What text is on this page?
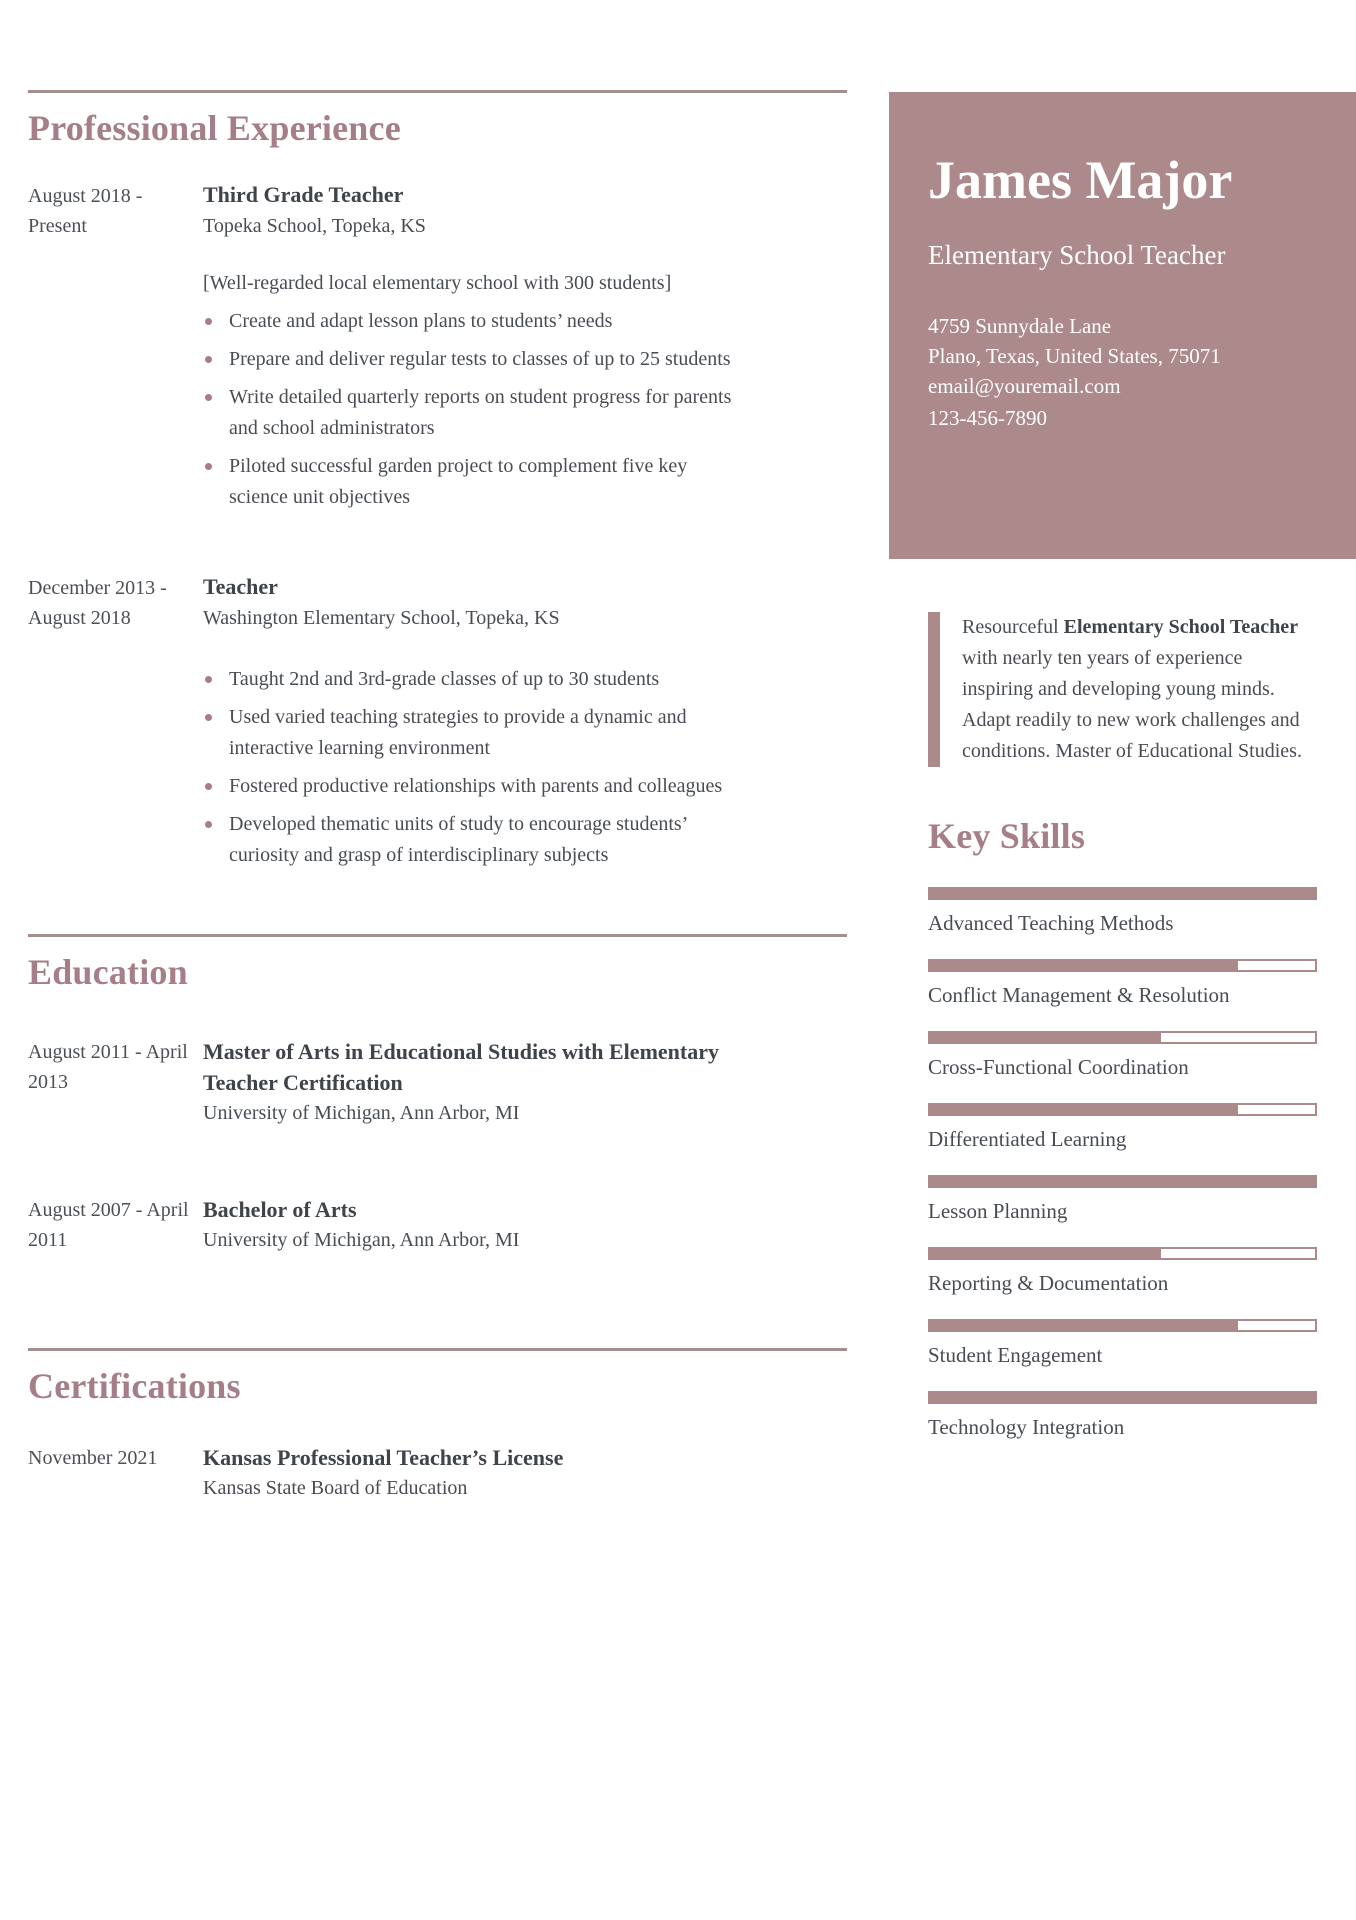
Professional Experience
August 2018 - Present
Third Grade Teacher
Topeka School, Topeka, KS
[Well-regarded local elementary school with 300 students]
Create and adapt lesson plans to students’ needs
Prepare and deliver regular tests to classes of up to 25 students
Write detailed quarterly reports on student progress for parents and school administrators
Piloted successful garden project to complement five key science unit objectives
December 2013 - August 2018
Teacher
Washington Elementary School, Topeka, KS
Taught 2nd and 3rd-grade classes of up to 30 students
Used varied teaching strategies to provide a dynamic and interactive learning environment
Fostered productive relationships with parents and colleagues
Developed thematic units of study to encourage students’ curiosity and grasp of interdisciplinary subjects
Education
August 2011 - April 2013
Master of Arts in Educational Studies with Elementary Teacher Certification
University of Michigan, Ann Arbor, MI
August 2007 - April 2011
Bachelor of Arts
University of Michigan, Ann Arbor, MI
Certifications
November 2021	Kansas Professional Teacher’s License
Kansas State Board of Education
James Major
Elementary School Teacher
4759 Sunnydale Lane
Plano, Texas, United States, 75071
email@youremail.com
123-456-7890

Resourceful Elementary School Teacher with nearly ten years of experience inspiring and developing young minds. Adapt readily to new work challenges and conditions. Master of Educational Studies.

Key Skills
Advanced Teaching Methods
Conflict Management & Resolution
Cross-Functional Coordination
Differentiated Learning
Lesson Planning
Reporting & Documentation
Student Engagement
Technology Integration
